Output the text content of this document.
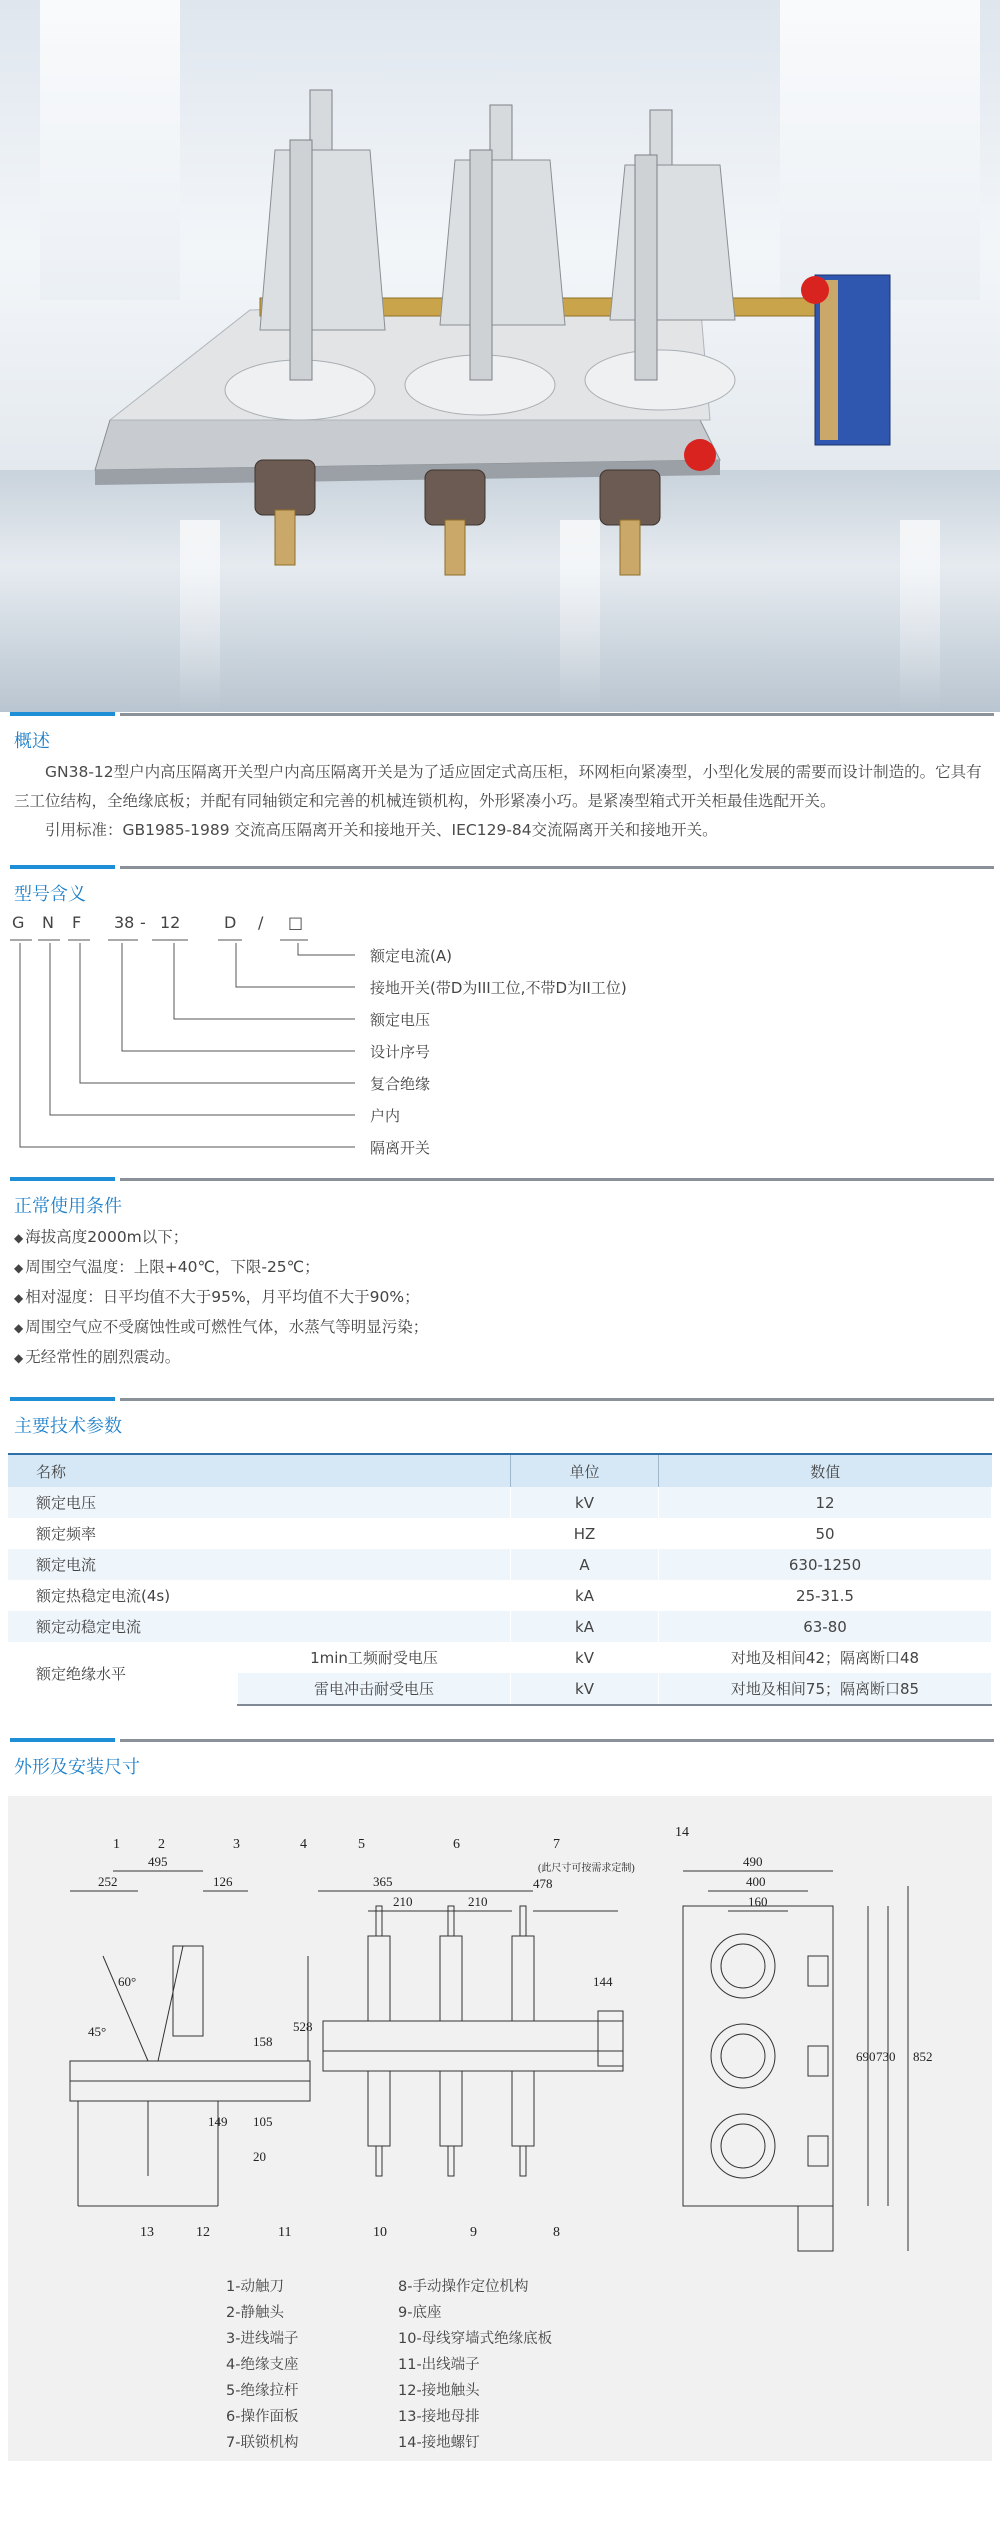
概述

GN38-12型户内高压隔离开关型户内高压隔离开关是为了适应固定式高压柜，环网柜向紧凑型，小型化发展的需要而设计制造的。它具有三工位结构，全绝缘底板；并配有同轴锁定和完善的机械连锁机构，外形紧凑小巧。是紧凑型箱式开关柜最佳选配开关。

引用标准：GB1985-1989 交流高压隔离开关和接地开关、IEC129-84交流隔离开关和接地开关。

型号含义
G N F 38 - 12	D / □
额定电流(A)
接地开关(带D为III工位,不带D为II工位)
额定电压
设计序号
复合绝缘
户内
隔离开关
正常使用条件
◆ 海拔高度2000m以下；
◆ 周围空气温度：上限+40℃，下限-25℃；
◆ 相对湿度：日平均值不大于95%，月平均值不大于90%；
◆ 周围空气应不受腐蚀性或可燃性气体，水蒸气等明显污染；
◆ 无经常性的剧烈震动。
主要技术参数
名称		单位	数值
额定电压		kV	12
额定频率		HZ	50
额定电流		A	630-1250
额定热稳定电流(4s)		kA	25-31.5
额定动稳定电流		kA	63-80
额定绝缘水平	1min工频耐受电压	kV	对地及相间42；隔离断口48
	雷电冲击耐受电压	kV	对地及相间75；隔离断口85
外形及安装尺寸
252
495
126
60°
45°
149 105
158
365
210	210
478
144
528
20
490
400
160
690 730 852
(此尺寸可按需求定制)
1	2	3	4	5	6	7
8
9
10
11
12
13
14
1-动触刀
2-静触头
3-进线端子
4-绝缘支座
5-绝缘拉杆
6-操作面板
7-联锁机构
8-手动操作定位机构
9-底座
10-母线穿墙式绝缘底板
11-出线端子
12-接地触头
13-接地母排
14-接地螺钉
